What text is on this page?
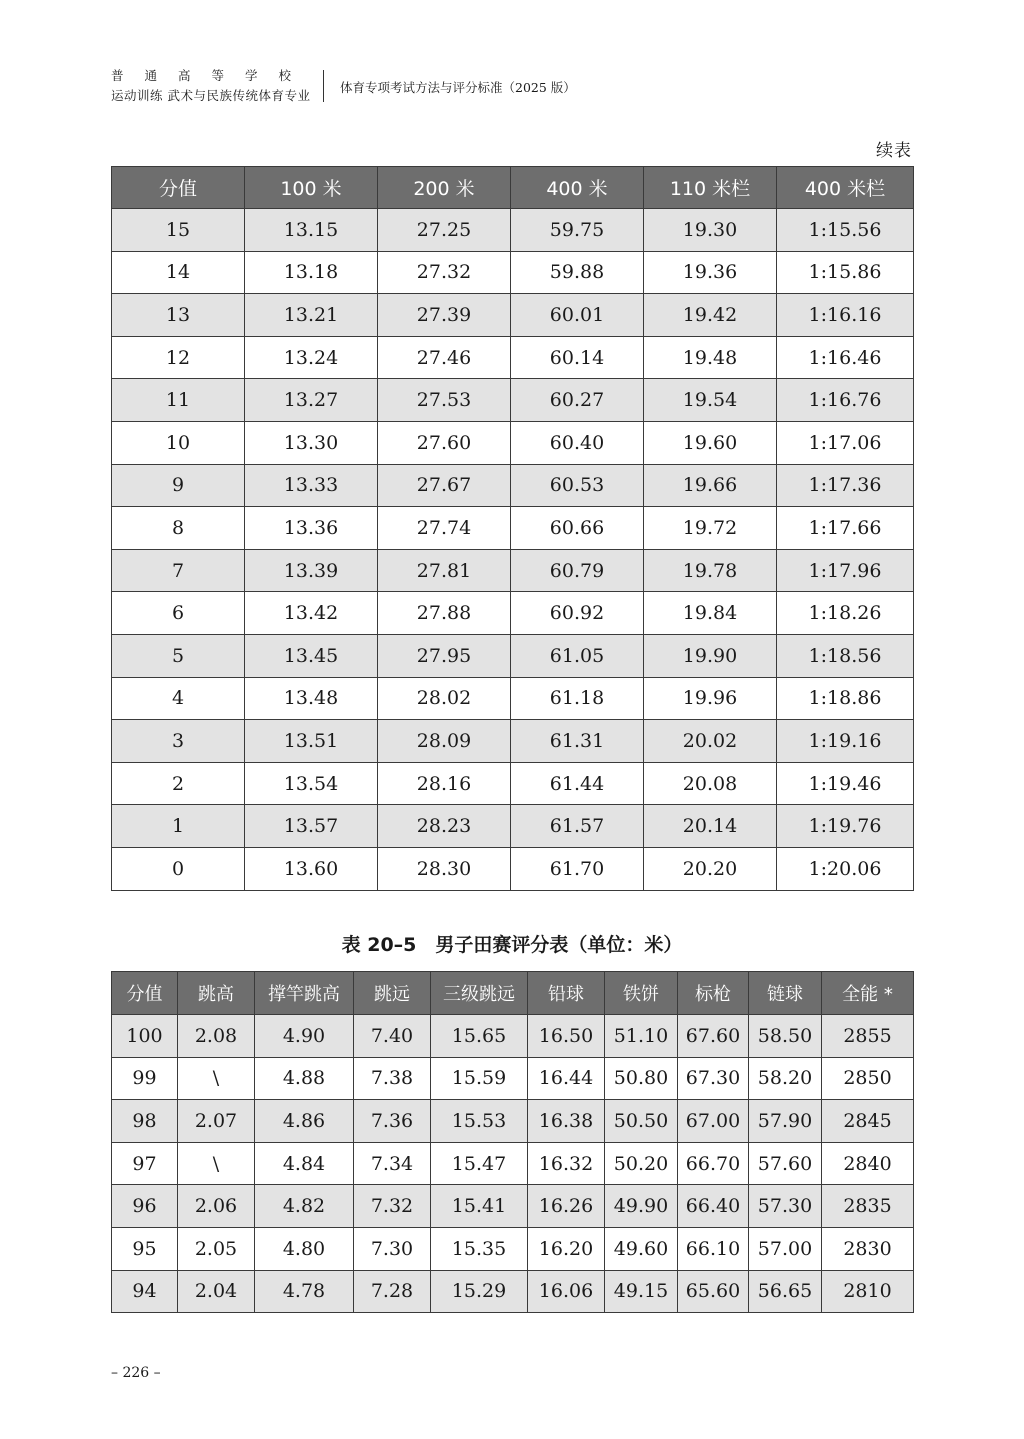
普通高等学校
运动训练 武术与民族传统体育专业
体育专项考试方法与评分标准（2025 版）
续表
分值	100 米	200 米	400 米	110 米栏	400 米栏
15	13.15	27.25	59.75	19.30	1:15.56
14	13.18	27.32	59.88	19.36	1:15.86
13	13.21	27.39	60.01	19.42	1:16.16
12	13.24	27.46	60.14	19.48	1:16.46
11	13.27	27.53	60.27	19.54	1:16.76
10	13.30	27.60	60.40	19.60	1:17.06
9	13.33	27.67	60.53	19.66	1:17.36
8	13.36	27.74	60.66	19.72	1:17.66
7	13.39	27.81	60.79	19.78	1:17.96
6	13.42	27.88	60.92	19.84	1:18.26
5	13.45	27.95	61.05	19.90	1:18.56
4	13.48	28.02	61.18	19.96	1:18.86
3	13.51	28.09	61.31	20.02	1:19.16
2	13.54	28.16	61.44	20.08	1:19.46
1	13.57	28.23	61.57	20.14	1:19.76
0	13.60	28.30	61.70	20.20	1:20.06
表 20–5　男子田赛评分表（单位：米）
分值	跳高	撑竿跳高	跳远	三级跳远	铅球	铁饼	标枪	链球	全能 *
100	2.08	4.90	7.40	15.65	16.50	51.10	67.60	58.50	2855
99	\	4.88	7.38	15.59	16.44	50.80	67.30	58.20	2850
98	2.07	4.86	7.36	15.53	16.38	50.50	67.00	57.90	2845
97	\	4.84	7.34	15.47	16.32	50.20	66.70	57.60	2840
96	2.06	4.82	7.32	15.41	16.26	49.90	66.40	57.30	2835
95	2.05	4.80	7.30	15.35	16.20	49.60	66.10	57.00	2830
94	2.04	4.78	7.28	15.29	16.06	49.15	65.60	56.65	2810
– 226 –
